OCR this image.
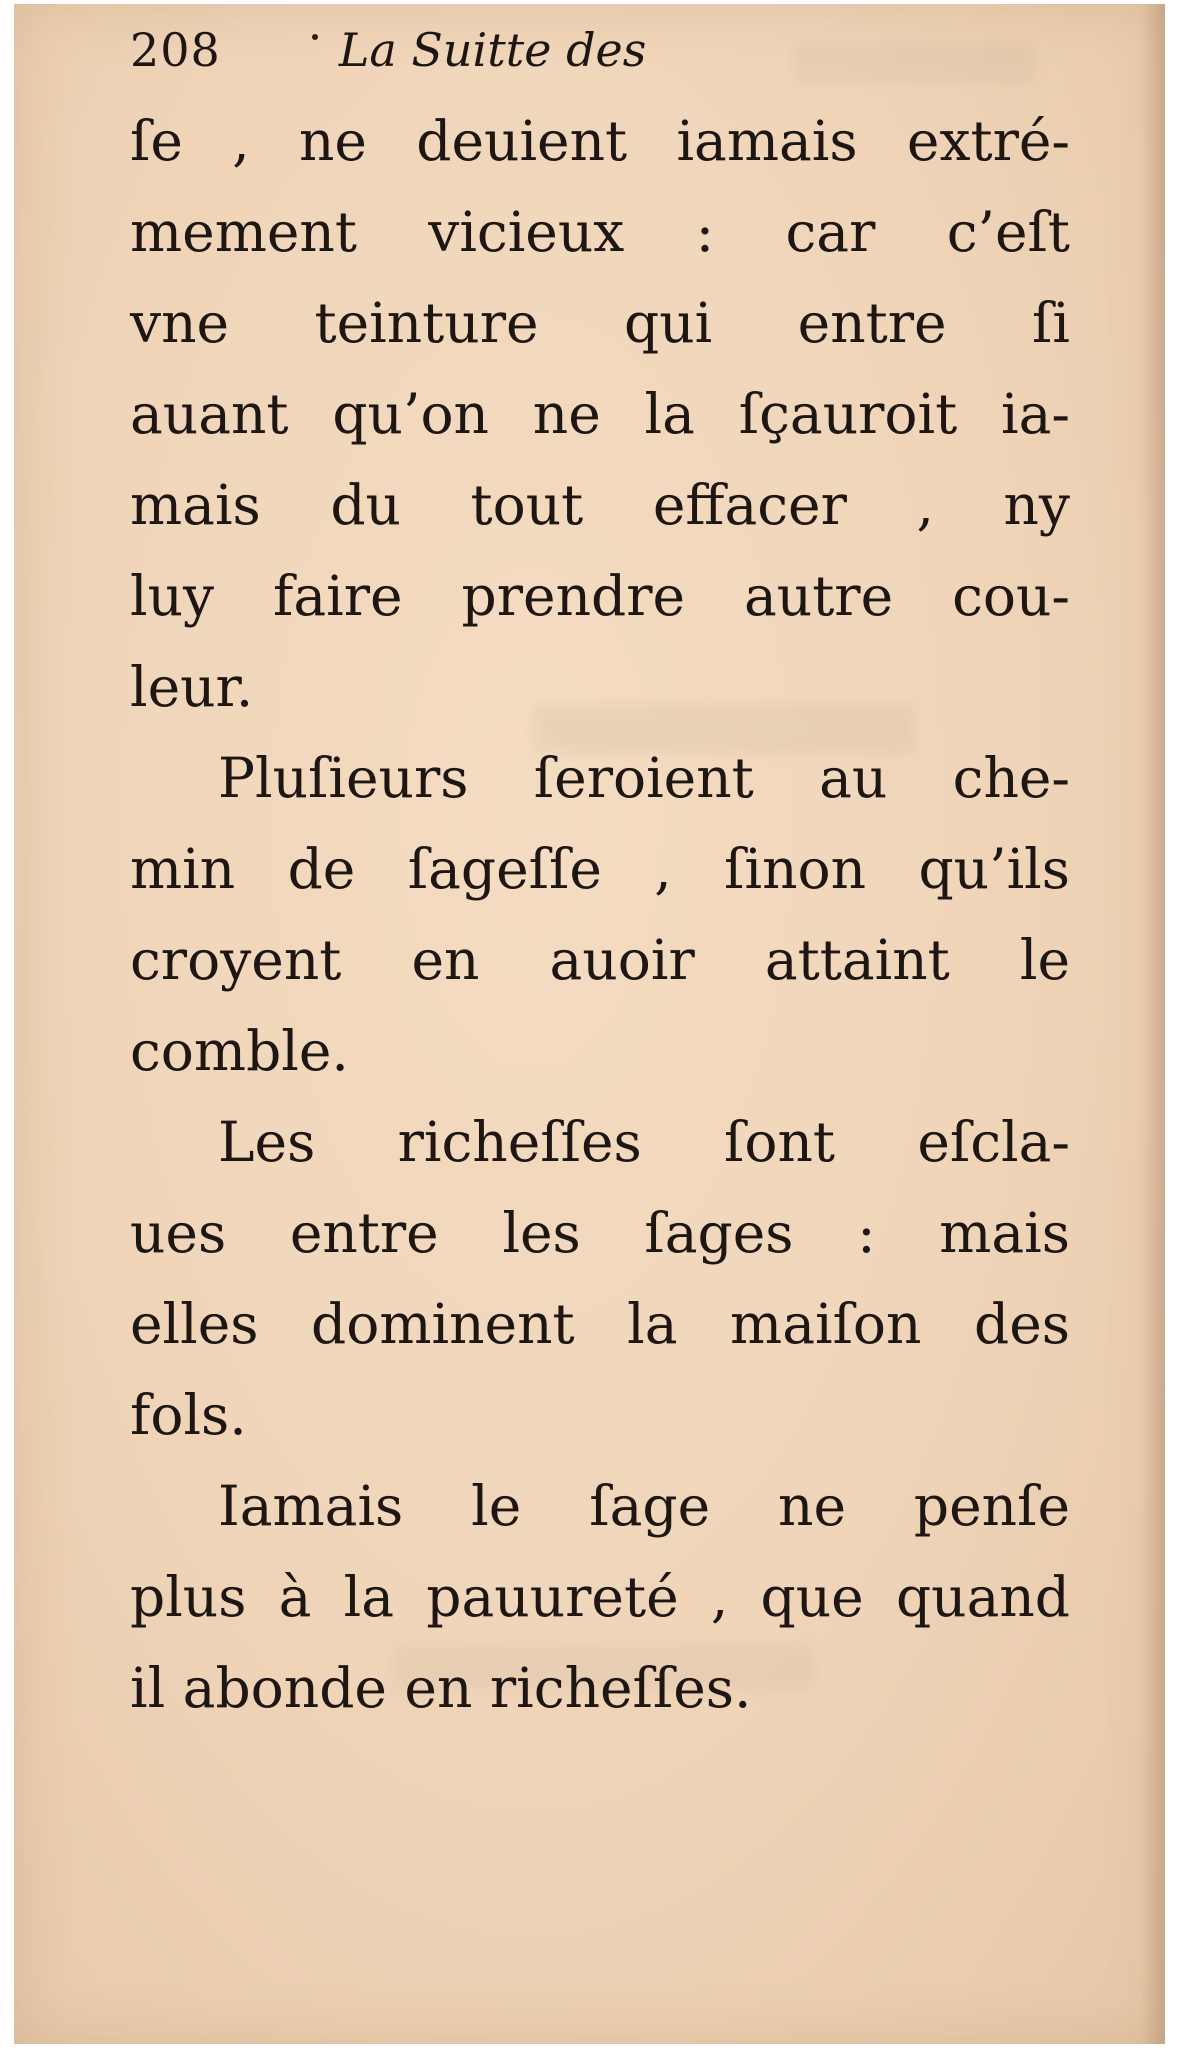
208	La Suitte des
ſe , ne deuient iamais extré-
mement vicieux : car c’eſt
vne teinture qui entre ſi
auant qu’on ne la ſçauroit ia-
mais du tout effacer , ny
luy faire prendre autre cou-
leur.
Pluſieurs ſeroient au che-
min de ſageſſe , ſinon qu’ils
croyent en auoir attaint le
comble.
Les richeſſes ſont eſcla-
ues entre les ſages : mais
elles dominent la maiſon des
fols.
Iamais le ſage ne penſe
plus à la pauureté , que quand
il abonde en richeſſes.
